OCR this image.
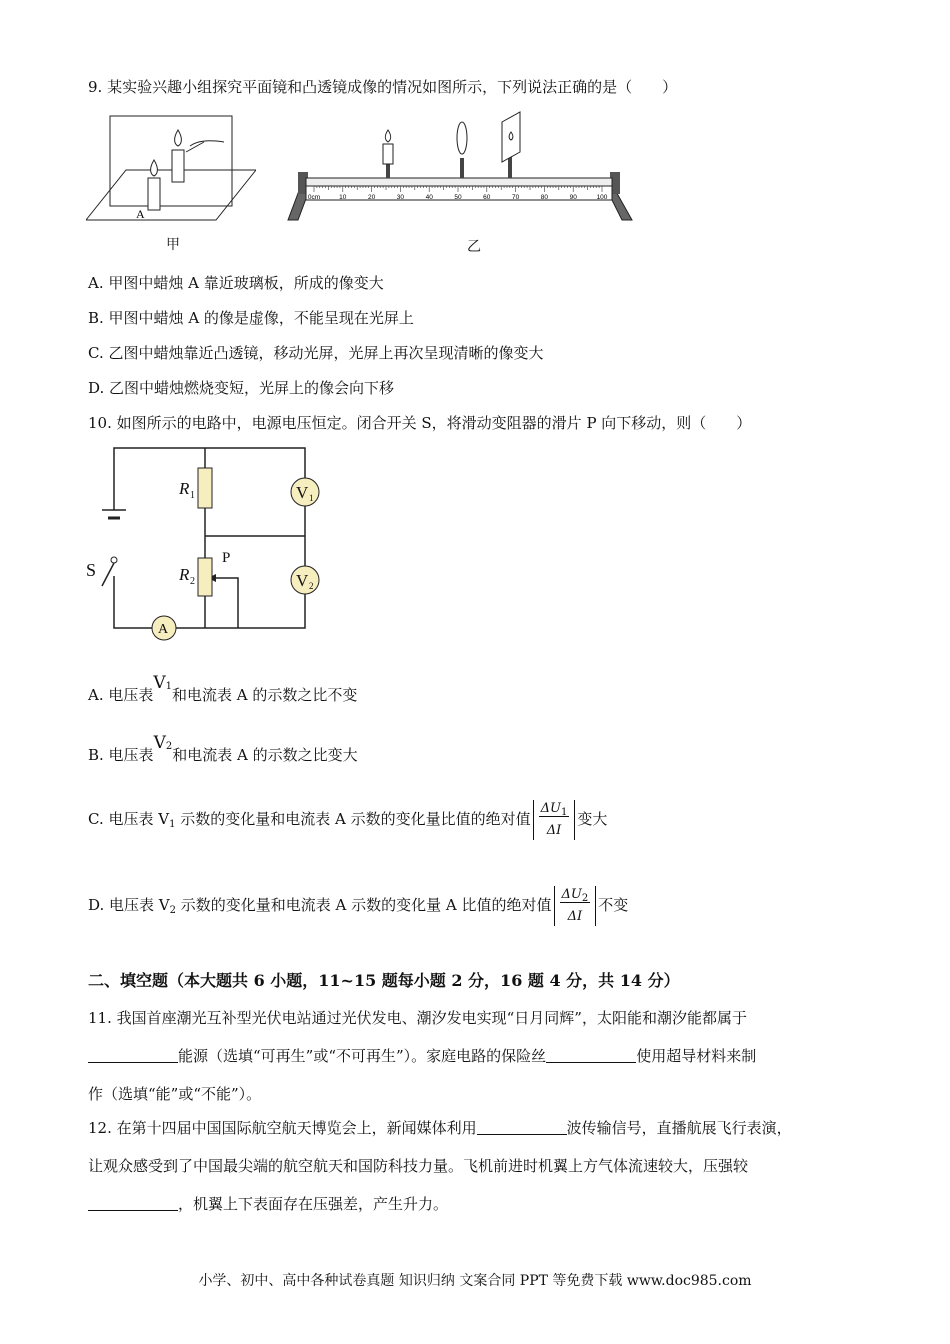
9. 某实验兴趣小组探究平面镜和凸透镜成像的情况如图所示，下列说法正确的是（　　）
A
甲
0cm	10	20	30	40	50	60	70	80	90	100
乙
A. 甲图中蜡烛 A 靠近玻璃板，所成的像变大
B. 甲图中蜡烛 A 的像是虚像，不能呈现在光屏上
C. 乙图中蜡烛靠近凸透镜，移动光屏，光屏上再次呈现清晰的像变大
D. 乙图中蜡烛燃烧变短，光屏上的像会向下移
10. 如图所示的电路中，电源电压恒定。闭合开关 S，将滑动变阻器的滑片 P 向下移动，则（　　）
R 1
R 2
V 1
V 2
S
P
A
A. 电压表$V^1$和电流表 A 的示数之比不变
B. 电压表$V^2$和电流表 A 的示数之比变大
C. 电压表 $V_1$ 示数的变化量和电流表 A 示数的变化量比值的绝对值 $\frac{\Delta U_1}{\Delta I}$ 变大
D. 电压表 $V_2$ 示数的变化量和电流表 A 示数的变化量 A 比值的绝对值 $\frac{\Delta U_2}{\Delta I}$ 不变
二、填空题（本大题共 6 小题，11~15 题每小题 2 分，16 题 4 分，共 14 分）
11. 我国首座潮光互补型光伏电站通过光伏发电、潮汐发电实现“日月同辉”，太阳能和潮汐能都属于
能源（选填“可再生”或“不可再生”）。家庭电路的保险丝	使用超导材料来制
作（选填“能”或“不能”）。
12. 在第十四届中国国际航空航天博览会上，新闻媒体利用	波传输信号，直播航展飞行表演，
让观众感受到了中国最尖端的航空航天和国防科技力量。飞机前进时机翼上方气体流速较大，压强较
，机翼上下表面存在压强差，产生升力。
小学、初中、高中各种试卷真题 知识归纳 文案合同 PPT 等免费下载 www.doc985.com
